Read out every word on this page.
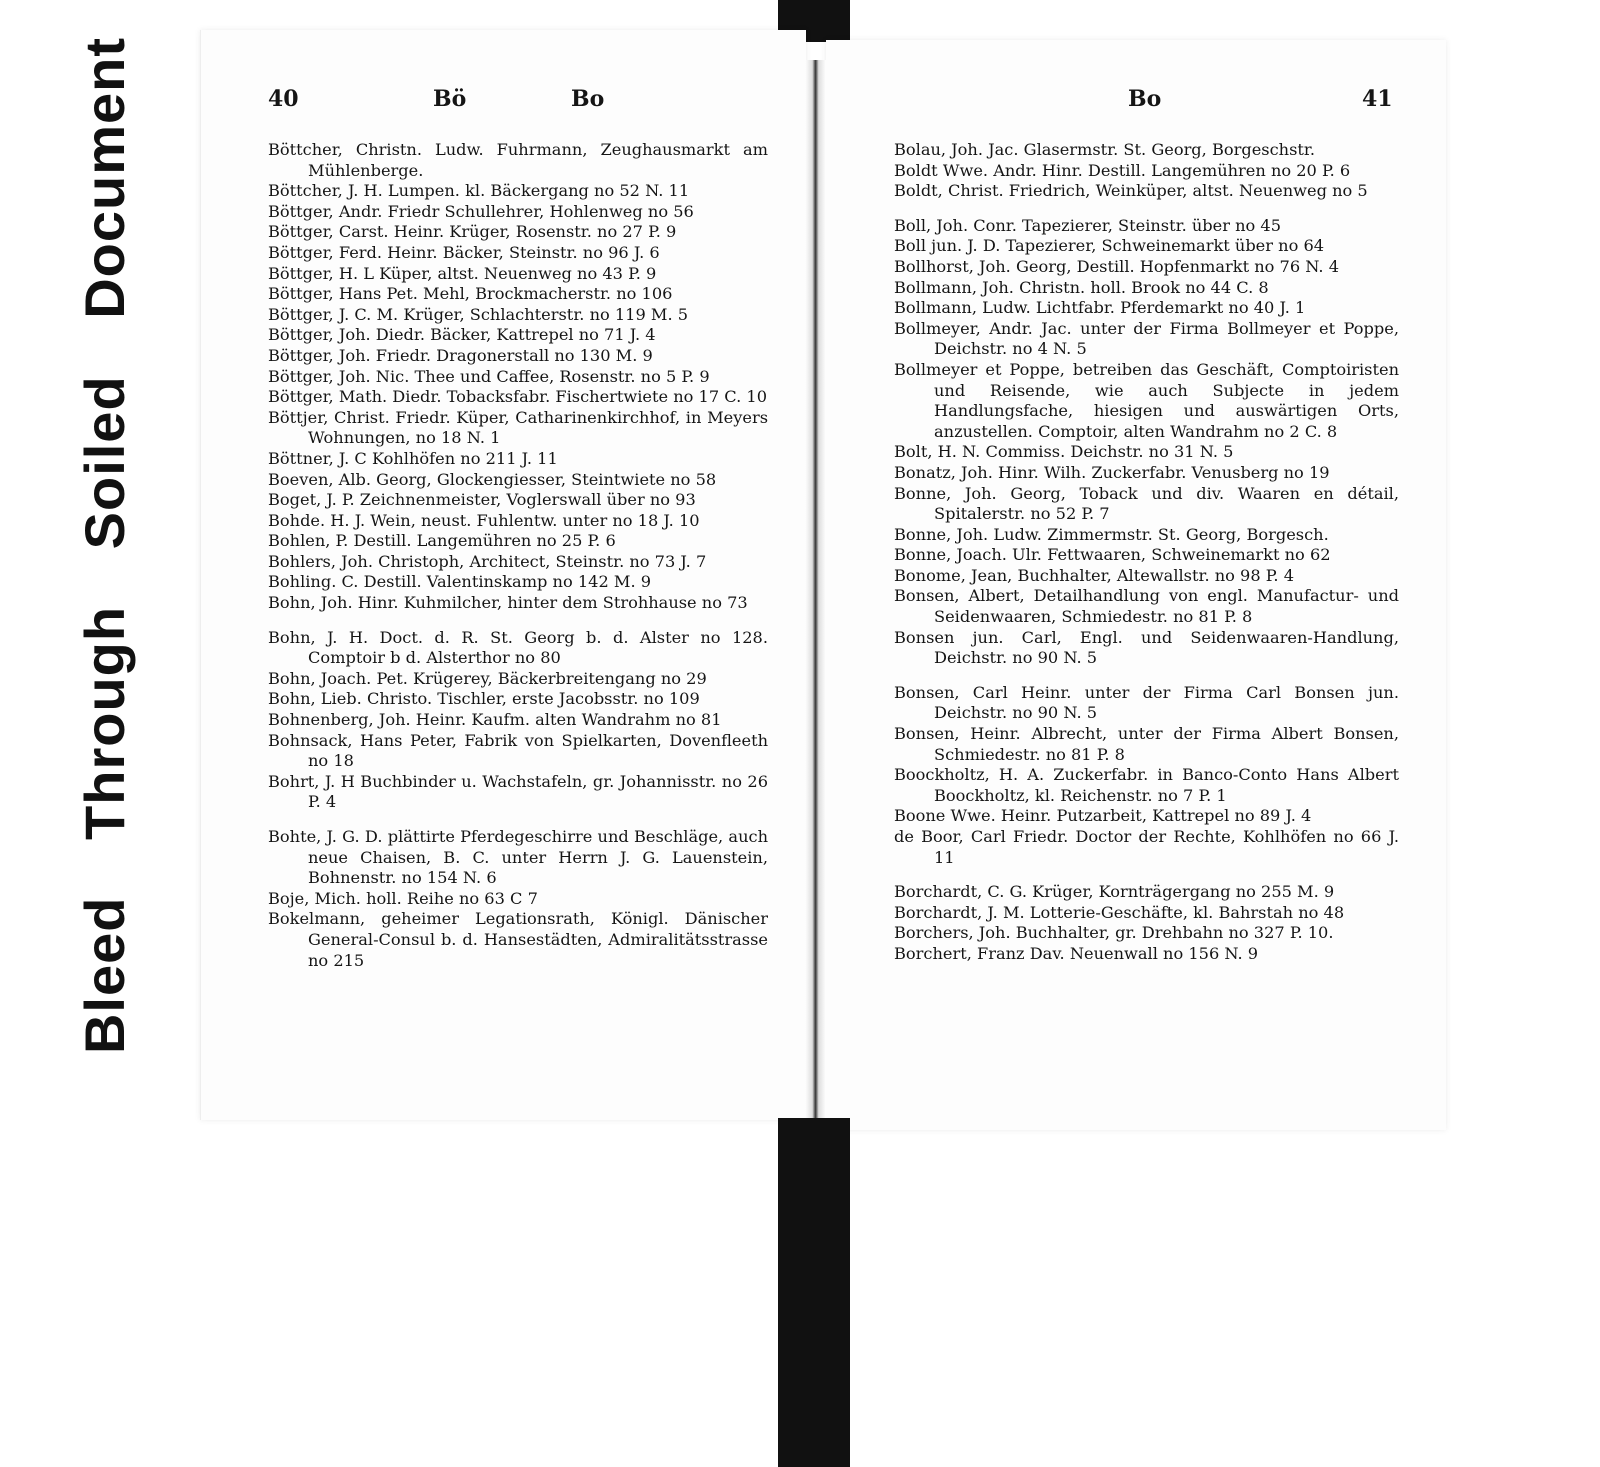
Bleed Through Soiled Document	40	Bö	Bo	Bo	41

Böttcher, Christn. Ludw. Fuhrmann, Zeughausmarkt am Mühlenberge.

Böttcher, J. H. Lumpen. kl. Bäckergang no 52 N. 11

Böttger, Andr. Friedr Schullehrer, Hohlenweg no 56

Böttger, Carst. Heinr. Krüger, Rosenstr. no 27 P. 9

Böttger, Ferd. Heinr. Bäcker, Steinstr. no 96 J. 6

Böttger, H. L Küper, altst. Neuenweg no 43 P. 9

Böttger, Hans Pet. Mehl, Brockmacherstr. no 106

Böttger, J. C. M. Krüger, Schlachterstr. no 119 M. 5

Böttger, Joh. Diedr. Bäcker, Kattrepel no 71 J. 4

Böttger, Joh. Friedr. Dragonerstall no 130 M. 9

Böttger, Joh. Nic. Thee und Caffee, Rosenstr. no 5 P. 9

Böttger, Math. Diedr. Tobacksfabr. Fischertwiete no 17 C. 10

Böttjer, Christ. Friedr. Küper, Catharinenkirchhof, in Meyers Wohnungen, no 18 N. 1

Böttner, J. C Kohlhöfen no 211 J. 11

Boeven, Alb. Georg, Glockengiesser, Steintwiete no 58

Boget, J. P. Zeichnenmeister, Voglerswall über no 93

Bohde. H. J. Wein, neust. Fuhlentw. unter no 18 J. 10

Bohlen, P. Destill. Langemühren no 25 P. 6

Bohlers, Joh. Christoph, Architect, Steinstr. no 73 J. 7

Bohling. C. Destill. Valentinskamp no 142 M. 9

Bohn, Joh. Hinr. Kuhmilcher, hinter dem Strohhause no 73

Bohn, J. H. Doct. d. R. St. Georg b. d. Alster no 128. Comptoir b d. Alsterthor no 80

Bohn, Joach. Pet. Krügerey, Bäckerbreitengang no 29

Bohn, Lieb. Christo. Tischler, erste Jacobsstr. no 109

Bohnenberg, Joh. Heinr. Kaufm. alten Wandrahm no 81

Bohnsack, Hans Peter, Fabrik von Spielkarten, Dovenfleeth no 18

Bohrt, J. H Buchbinder u. Wachstafeln, gr. Johannisstr. no 26 P. 4

Bohte, J. G. D. plättirte Pferdegeschirre und Beschläge, auch neue Chaisen, B. C. unter Herrn J. G. Lauenstein, Bohnenstr. no 154 N. 6

Boje, Mich. holl. Reihe no 63 C 7

Bokelmann, geheimer Legationsrath, Königl. Dänischer General-Consul b. d. Hansestädten, Admiralitätsstrasse no 215

Bolau, Joh. Jac. Glasermstr. St. Georg, Borgeschstr.

Boldt Wwe. Andr. Hinr. Destill. Langemühren no 20 P. 6

Boldt, Christ. Friedrich, Weinküper, altst. Neuenweg no 5

Boll, Joh. Conr. Tapezierer, Steinstr. über no 45

Boll jun. J. D. Tapezierer, Schweinemarkt über no 64

Bollhorst, Joh. Georg, Destill. Hopfenmarkt no 76 N. 4

Bollmann, Joh. Christn. holl. Brook no 44 C. 8

Bollmann, Ludw. Lichtfabr. Pferdemarkt no 40 J. 1

Bollmeyer, Andr. Jac. unter der Firma Bollmeyer et Poppe, Deichstr. no 4 N. 5

Bollmeyer et Poppe, betreiben das Geschäft, Comptoiristen und Reisende, wie auch Subjecte in jedem Handlungsfache, hiesigen und auswärtigen Orts, anzustellen. Comptoir, alten Wandrahm no 2 C. 8

Bolt, H. N. Commiss. Deichstr. no 31 N. 5

Bonatz, Joh. Hinr. Wilh. Zuckerfabr. Venusberg no 19

Bonne, Joh. Georg, Toback und div. Waaren en détail, Spitalerstr. no 52 P. 7

Bonne, Joh. Ludw. Zimmermstr. St. Georg, Borgesch.

Bonne, Joach. Ulr. Fettwaaren, Schweinemarkt no 62

Bonome, Jean, Buchhalter, Altewallstr. no 98 P. 4

Bonsen, Albert, Detailhandlung von engl. Manufactur- und Seidenwaaren, Schmiedestr. no 81 P. 8

Bonsen jun. Carl, Engl. und Seidenwaaren-Handlung, Deichstr. no 90 N. 5

Bonsen, Carl Heinr. unter der Firma Carl Bonsen jun. Deichstr. no 90 N. 5

Bonsen, Heinr. Albrecht, unter der Firma Albert Bonsen, Schmiedestr. no 81 P. 8

Boockholtz, H. A. Zuckerfabr. in Banco-Conto Hans Albert Boockholtz, kl. Reichenstr. no 7 P. 1

Boone Wwe. Heinr. Putzarbeit, Kattrepel no 89 J. 4

de Boor, Carl Friedr. Doctor der Rechte, Kohlhöfen no 66 J. 11

Borchardt, C. G. Krüger, Kornträgergang no 255 M. 9

Borchardt, J. M. Lotterie-Geschäfte, kl. Bahrstah no 48

Borchers, Joh. Buchhalter, gr. Drehbahn no 327 P. 10.

Borchert, Franz Dav. Neuenwall no 156 N. 9
